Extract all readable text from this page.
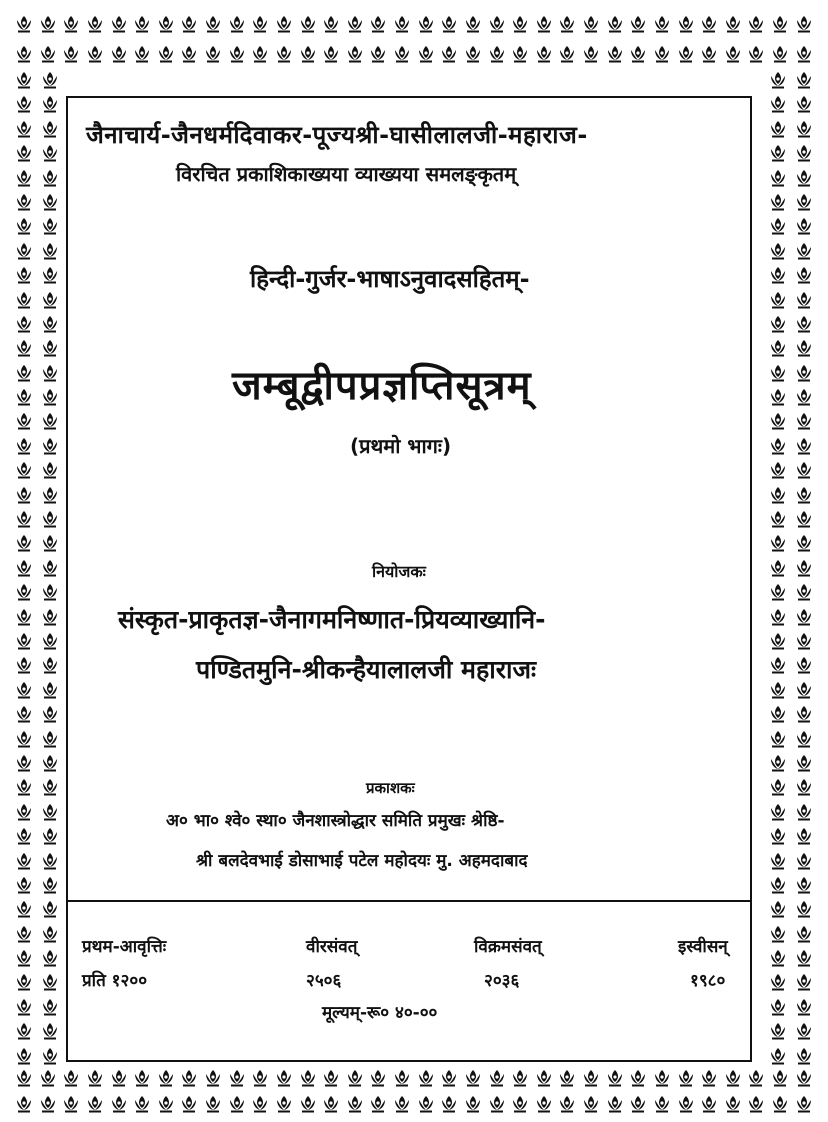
जैनाचार्य-जैनधर्मदिवाकर-पूज्यश्री-घासीलालजी-महाराज-
विरचित प्रकाशिकाख्यया व्याख्यया समलङ्कृतम्
हिन्दी-गुर्जर-भाषाऽनुवादसहितम्-
जम्बूद्वीपप्रज्ञप्तिसूत्रम्
(प्रथमो भागः)
नियोजकः
संस्कृत-प्राकृतज्ञ-जैनागमनिष्णात-प्रियव्याख्यानि-
पण्डितमुनि-श्रीकन्हैयालालजी महाराजः
प्रकाशकः
अ० भा० श्वे० स्था० जैनशास्त्रोद्धार समिति प्रमुखः श्रेष्ठि-
श्री बलदेवभाई डोसाभाई पटेल महोदयः मु. अहमदाबाद
प्रथम-आवृत्तिः	वीरसंवत्	विक्रमसंवत्	इस्वीसन्
प्रति १२००	२५०६	२०३६	१९८०
मूल्यम्-रू० ४०-००
